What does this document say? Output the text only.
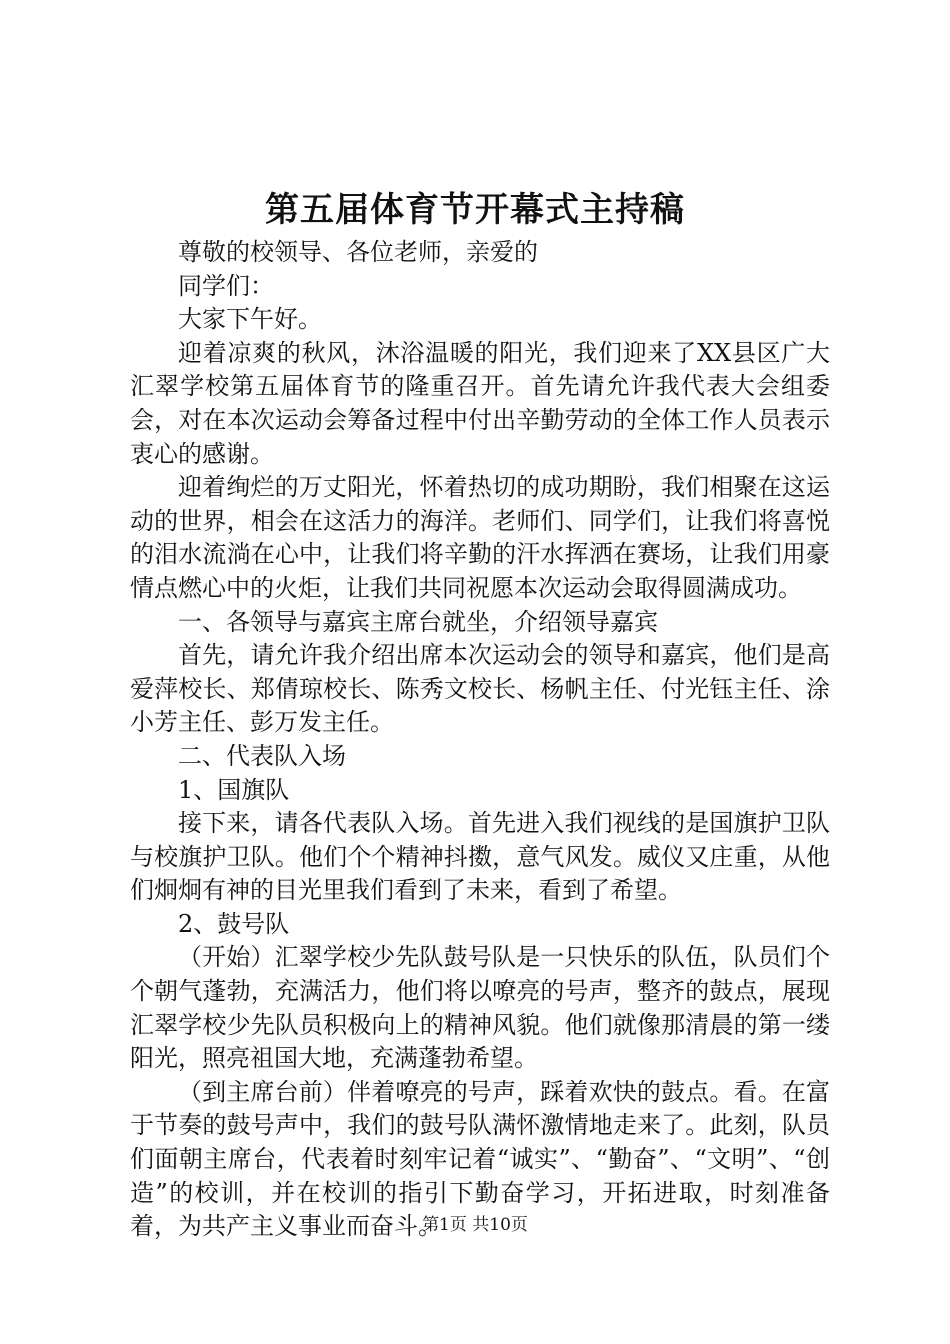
第五届体育节开幕式主持稿

尊敬的校领导、各位老师，亲爱的

同学们：

大家下午好。

迎着凉爽的秋风，沐浴温暖的阳光，我们迎来了XX县区广大汇翠学校第五届体育节的隆重召开。首先请允许我代表大会组委会，对在本次运动会筹备过程中付出辛勤劳动的全体工作人员表示衷心的感谢。

迎着绚烂的万丈阳光，怀着热切的成功期盼，我们相聚在这运动的世界，相会在这活力的海洋。老师们、同学们，让我们将喜悦的泪水流淌在心中，让我们将辛勤的汗水挥洒在赛场，让我们用豪情点燃心中的火炬，让我们共同祝愿本次运动会取得圆满成功。

一、各领导与嘉宾主席台就坐，介绍领导嘉宾

首先，请允许我介绍出席本次运动会的领导和嘉宾，他们是高爱萍校长、郑倩琼校长、陈秀文校长、杨帆主任、付光钰主任、涂小芳主任、彭万发主任。

二、代表队入场

1、国旗队

接下来，请各代表队入场。首先进入我们视线的是国旗护卫队与校旗护卫队。他们个个精神抖擞，意气风发。威仪又庄重，从他们炯炯有神的目光里我们看到了未来，看到了希望。

2、鼓号队

（开始）汇翠学校少先队鼓号队是一只快乐的队伍，队员们个个朝气蓬勃，充满活力，他们将以嘹亮的号声，整齐的鼓点，展现汇翠学校少先队员积极向上的精神风貌。他们就像那清晨的第一缕阳光，照亮祖国大地，充满蓬勃希望。

（到主席台前）伴着嘹亮的号声，踩着欢快的鼓点。看。在富于节奏的鼓号声中，我们的鼓号队满怀激情地走来了。此刻，队员们面朝主席台，代表着时刻牢记着“诚实”、“勤奋”、“文明”、“创造”的校训，并在校训的指引下勤奋学习，开拓进取，时刻准备着，为共产主义事业而奋斗。

第1页 共10页
